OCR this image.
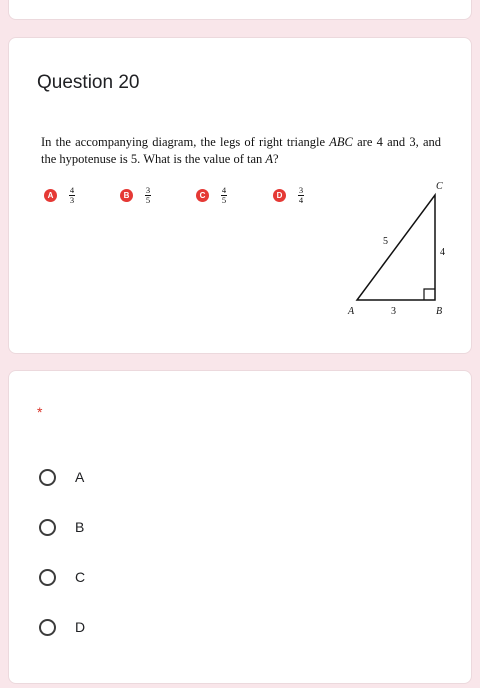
Question 20
In the accompanying diagram, the legs of right triangle ABC are 4 and 3, and the hypotenuse is 5. What is the value of tan A?
A	$\frac{4}{3}$	B	$\frac{3}{5}$	C	$\frac{4}{5}$	D	$\frac{3}{4}$	C
A	B
5
4
3
*
A
B
C
D
